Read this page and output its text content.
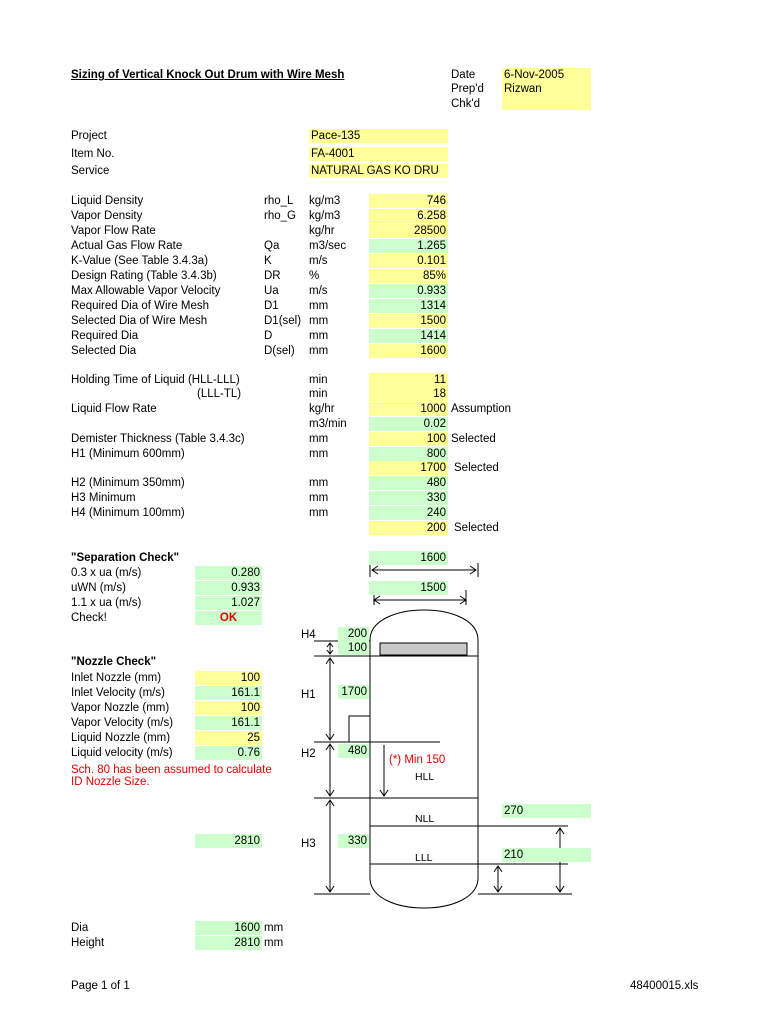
Sizing of Vertical Knock Out Drum with Wire Mesh	Date 6-Nov-2005
Prep'd Rizwan
Chk'd
Project	Pace-135
Item No.	FA-4001
Service	NATURAL GAS KO DRU
Liquid Density	rho_L kg/m3	746
Vapor Density	rho_G kg/m3	6.258
Vapor Flow Rate	kg/hr	28500
Actual Gas Flow Rate	Qa	m3/sec	1.265
K-Value (See Table 3.4.3a)	K	m/s	0.101
Design Rating (Table 3.4.3b)	DR %	85%
Max Allowable Vapor Velocity	Ua	m/s	0.933
Required Dia of Wire Mesh	D1	mm	1314
Selected Dia of Wire Mesh	D1(sel) mm	1500
Required Dia	D	mm	1414
Selected Dia	D(sel) mm	1600
Holding Time of Liquid (HLL-LLL)	min	11
(LLL-TL)	min	18
Liquid Flow Rate	kg/hr	1000 Assumption
m3/min	0.02
Demister Thickness (Table 3.4.3c)	mm	100 Selected
H1 (Minimum 600mm)	mm	800
1700 Selected
H2 (Minimum 350mm)	mm	480
H3 Minimum	mm	330
H4 (Minimum 100mm)	mm	240
200 Selected
"Separation Check"
0.3 x ua (m/s)	0.280
uWN (m/s)	0.933
1.1 x ua (m/s)	1.027
Check!	OK
"Nozzle Check"
Inlet Nozzle (mm)	100
Inlet Velocity (m/s)	161.1
Vapor Nozzle (mm)	100
Vapor Velocity (m/s)	161.1
Liquid Nozzle (mm)	25
Liquid velocity (m/s)	0.76
Sch. 80 has been assumed to calculate
ID Nozzle Size.
2810
Dia	1600 mm
Height	2810 mm
Page 1 of 1	48400015.xls
1600
1500
H4	200
100
H1 1700
H2	480
(*) Min 150
HLL
NLL
LLL
H3	330
270
210
